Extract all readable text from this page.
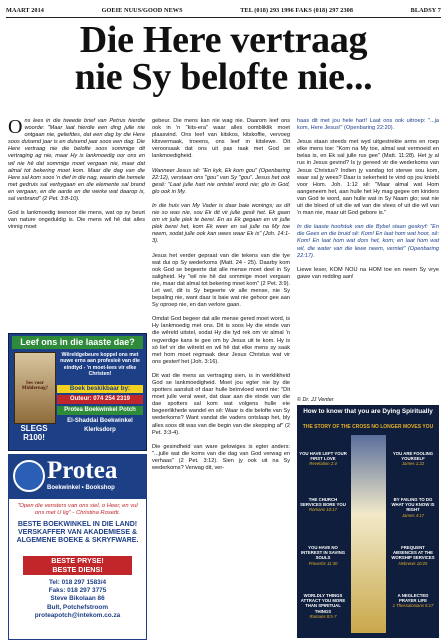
MAART 2014	GOEIE NUUS/GOOD NEWS	TEL (018) 293 1996 FAKS (018) 297 2308	BLADSY 7
Die Here vertraag
nie Sy belofte nie...

Ons lees in die tweede brief van Petrus hierdie woorde: "Maar laat hierdie een ding julle nie ontgaan nie, geliefdes, dat een dag by die Here soos duisend jaar is en duisend jaar soos een dag. Die Here vertraag nie die belofte soos sommige dit vertraging ag nie, maar Hy is lankmoedig oor ons en wil nie hê dat sommige moet vergaan nie, maar dat almal tot bekering moet kom. Maar die dag van die Here sal kom soos 'n dief in die nag, waarin die hemele met gedruis sal verbygaan en die elemente sal brand en vergaan, en die aarde en die werke wat daarop is, sal verbrand" (2 Pet. 3:8-10).

God is lankmoedig teenoor die mens, wat op sy beurt van nature ongeduldig is. Die mens wil hê dat alles vinnig moet

Leef ons in die laaste dae?
Ses voor Middernag?
Wêreldgebeure koppel ons met nuwe erns aan profesieë van die eindtyd - 'n moet-lees vir elke Christen!
Boek beskikbaar by:
Outeur: 074 254 2319
Protea Boekwinkel Potch
El-Shaddai Boekwinkel Klerksdorp
SLEGS R100!
Protea
Boekwinkel • Bookshop
"Open die vensters van ons siel, o Heer, en vul ons met U lig" - Christina Rosetti.
BESTE BOEKWINKEL IN DIE LAND! VERSKAFFER VAN AKADEMIESE & ALGEMENE BOEKE & SKRYFWARE.
BESTE PRYSE!
BESTE DIENS!
Tel: 018 297 1583/4
Faks: 018 297 3775
Steve Bikolaan 86
Bult, Potchefstroom
proteapotch@intekom.co.za

gebeur. Die mens kan nie wag nie. Daarom leef ons ook in 'n "kits-era" waar alles oombliklik moet plaasvind. Ons leef van kitskos, kitskoffie, vervoeg kitsvermaak, troeens, ons leef in kitslewe. Dit veroorsaak dat ons uit pas raak met God se lankmoedigheid.

Wanneer Jesus sê: "En kyk, Ek kom gou" (Openbaring 22:12), verstaan ons "gou" van Sy "gou". Jesus het ook gesê: "Laat julle hart nie ontstel word nie; glo in God, glo ook in My.

In die huis van My Vader is daar baie wonings; as dit nie so was nie, sou Ek dit vir julle gesê het. Ek gaan om vir julle plek te berei. En as Ek gegaan en vir julle plek berei het, kom Ek weer en sal julle na My toe neem, sodat julle ook kan wees waar Ek is" (Joh. 14:1-3).

Jesus het verder gepraat van die tekens van die tye wat dui op Sy wederkoms (Matt. 24 - 25). Daarby kom ook God se begeerte dat alle mense moet deel in Sy saligheid. Hy "wil nie hê dat sommige moet vergaan nie, maar dat almal tot bekering moet kom" (2 Pet. 3:9). Let wel, dit is Sy begeerte vir alle mense, nie Sy bepaling nie, want daar is baie wat nie gehoor gee aan Sy oproep nie, en dan verlore gaan.

Omdat God begeer dat alle mense gered moet word, is Hy lankmoedig met ons. Dit is soos Hy die einde van die wêreld uitstel, sodat Hy die tyd rek om vir almal 'n regverdige kans te gee om by Jesus uit te kom. Hy is só lief vir die wêreld en wil hê dat elke mens sy saak met hom moet regmaak deur Jesus Christus wat vir ons gesterf het (Joh. 3:16).

Dit wat die mens as vertraging sien, is in werklikheid God se lankmoedigheid. Moet jou egter nie by die spotters aansluit of daar hulle beïnvloed word nie: "Dit moet julle veral weet, dat daar aan die einde van die dae spotters sal kom wat volgens hulle eie begeerlikhede wandel en sê: Waar is die belofte van Sy wederkoms? Want vandat die vaders ontslaap het, bly alles soos dit was van die begin van die skepping af" (2 Pet. 3:3-4).

Die gesindheid van ware gelowiges is egter anders: "...julle wat die koms van die dag van God verwag en verhaas" (2 Pet. 3:12). Sien jy ook uit na Sy wederkoms? Verwag dit, ver-

haas dit met jou hele hart! Laat ons ook uitroep: "...ja kom, Here Jesus!" (Openbaring 22:20).

Jesus staan steeds met wyd uitgestrekte arms en roep elke mens toe: "Kom na My toe, almal wat vermoeid en belas is, en Ek sal julle rus gee" (Matt. 11:28). Het jy al rus in Jesus gevind? Is jy gereed vir die wederkoms van Jesus Christus? Indien jy vandag tot sterwe sou kom, waar sal jy wees? Daar is sekerheid te vind op jou kniebl voor Hom. Joh. 1:12 sê: "Maar almal wat Hom aangeneem het, aan hulle het Hy mag gegee om kinders van God te word, aan hulle wat in Sy Naam glo; wat nie uit die bloed of uit die wil van die vlees of uit die wil van 'n man nie, maar uit God gebore is."

In die laaste hoofstuk van die Bybel staan geskryf: "En die Gees en die bruid sê: Kom! En laat hom wat hoor, sê: Kom! En laat hom wat dors het, kom; en laat hom wat wil, die water van die lewe neem, verniet" (Openbaring 22:17).

Liewe leser, KOM NOU na HOM toe en neem Sy vrye gawe van redding aan!

© Dr. JJ Venter
How to know that you are Dying Spiritually
THE STORY OF THE CROSS NO LONGER MOVES YOU
YOU HAVE LEFT YOUR FIRST LOVE
Revelation 2:4
YOU ARE FOOLING YOURSELF
James 1:22
THE CHURCH SERVICES BORE YOU
Romans 10:17
BY FAILING TO DO WHAT YOU KNOW IS RIGHT
James 4:17
YOU HAVE NO INTEREST IN SAVING SOULS
Proverbs 11:30
FREQUENT ABSENCES AT THE WORSHIP SERVICES
Hebrews 10:25
WORLDLY THINGS ATTRACT YOU MORE THAN SPIRITUAL THINGS
Romans 8:5-7
A NEGLECTED PRAYER LIFE
1 Thessalonians 5:17
